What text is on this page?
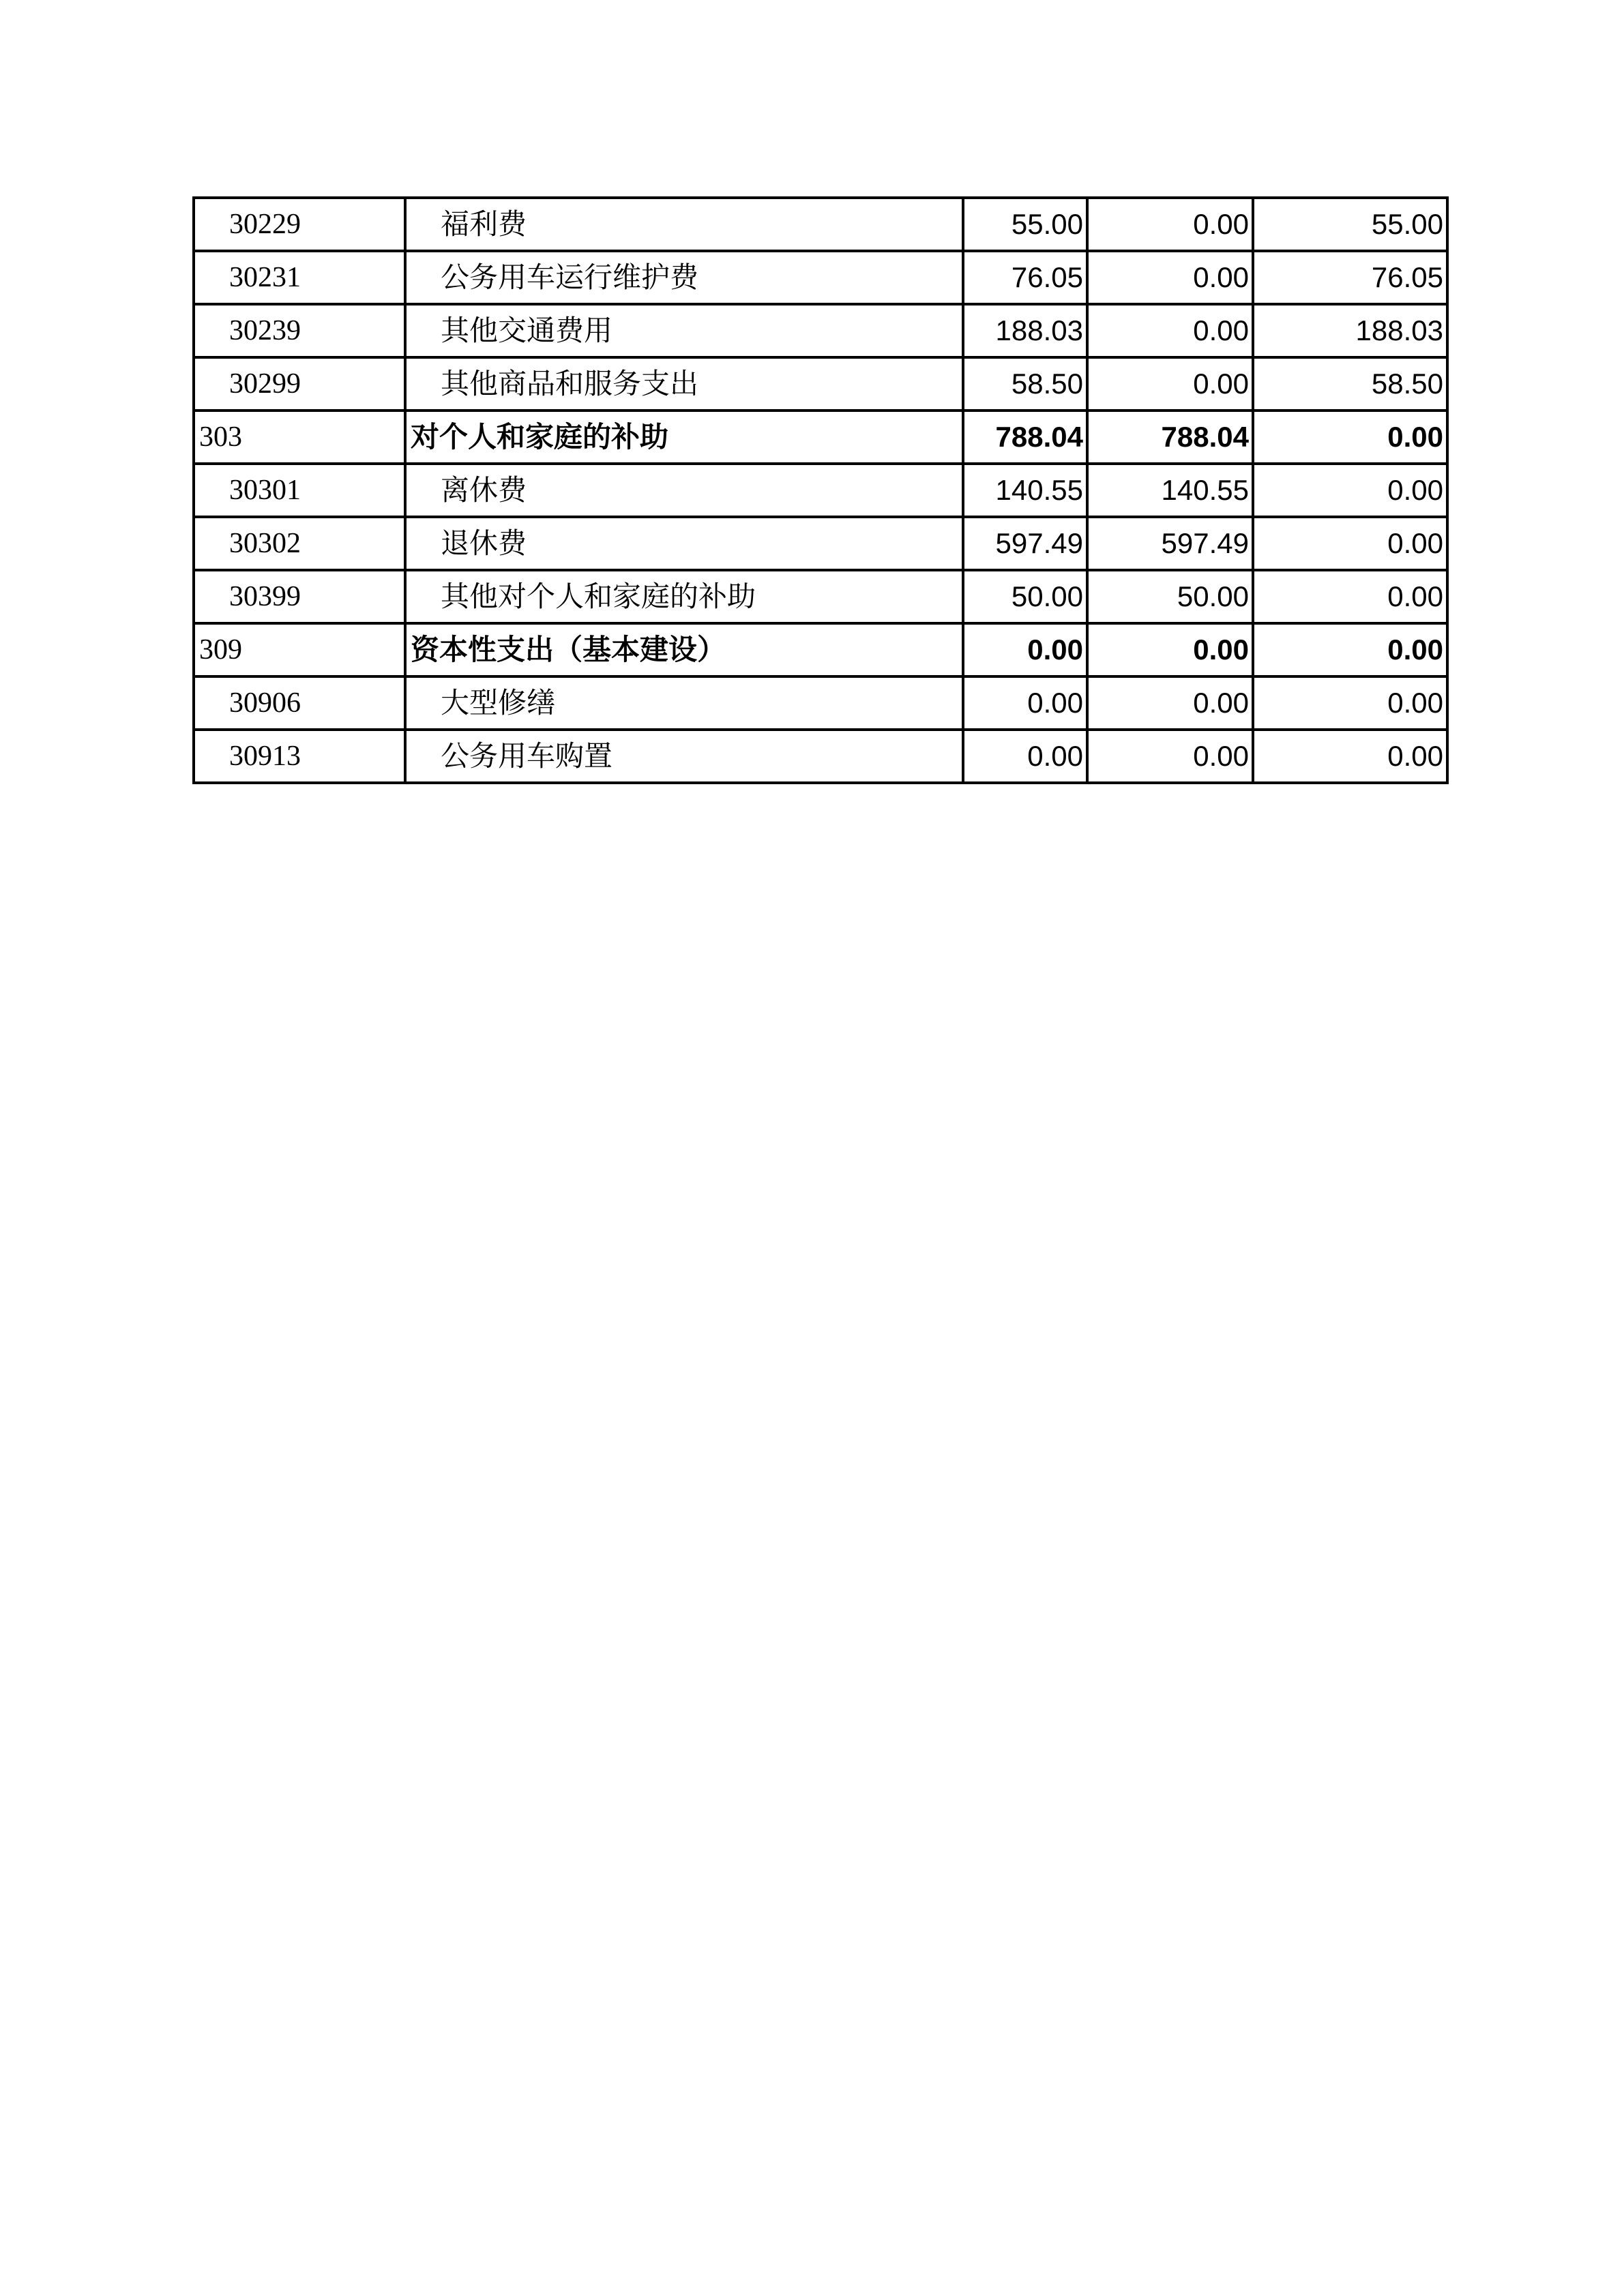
30229	福利费	55.00	0.00	55.00
30231	公务用车运行维护费	76.05	0.00	76.05
30239	其他交通费用	188.03	0.00	188.03
30299	其他商品和服务支出	58.50	0.00	58.50
303	对个人和家庭的补助	788.04	788.04	0.00
30301	离休费	140.55	140.55	0.00
30302	退休费	597.49	597.49	0.00
30399	其他对个人和家庭的补助	50.00	50.00	0.00
309	资本性支出（基本建设）	0.00	0.00	0.00
30906	大型修缮	0.00	0.00	0.00
30913	公务用车购置	0.00	0.00	0.00
